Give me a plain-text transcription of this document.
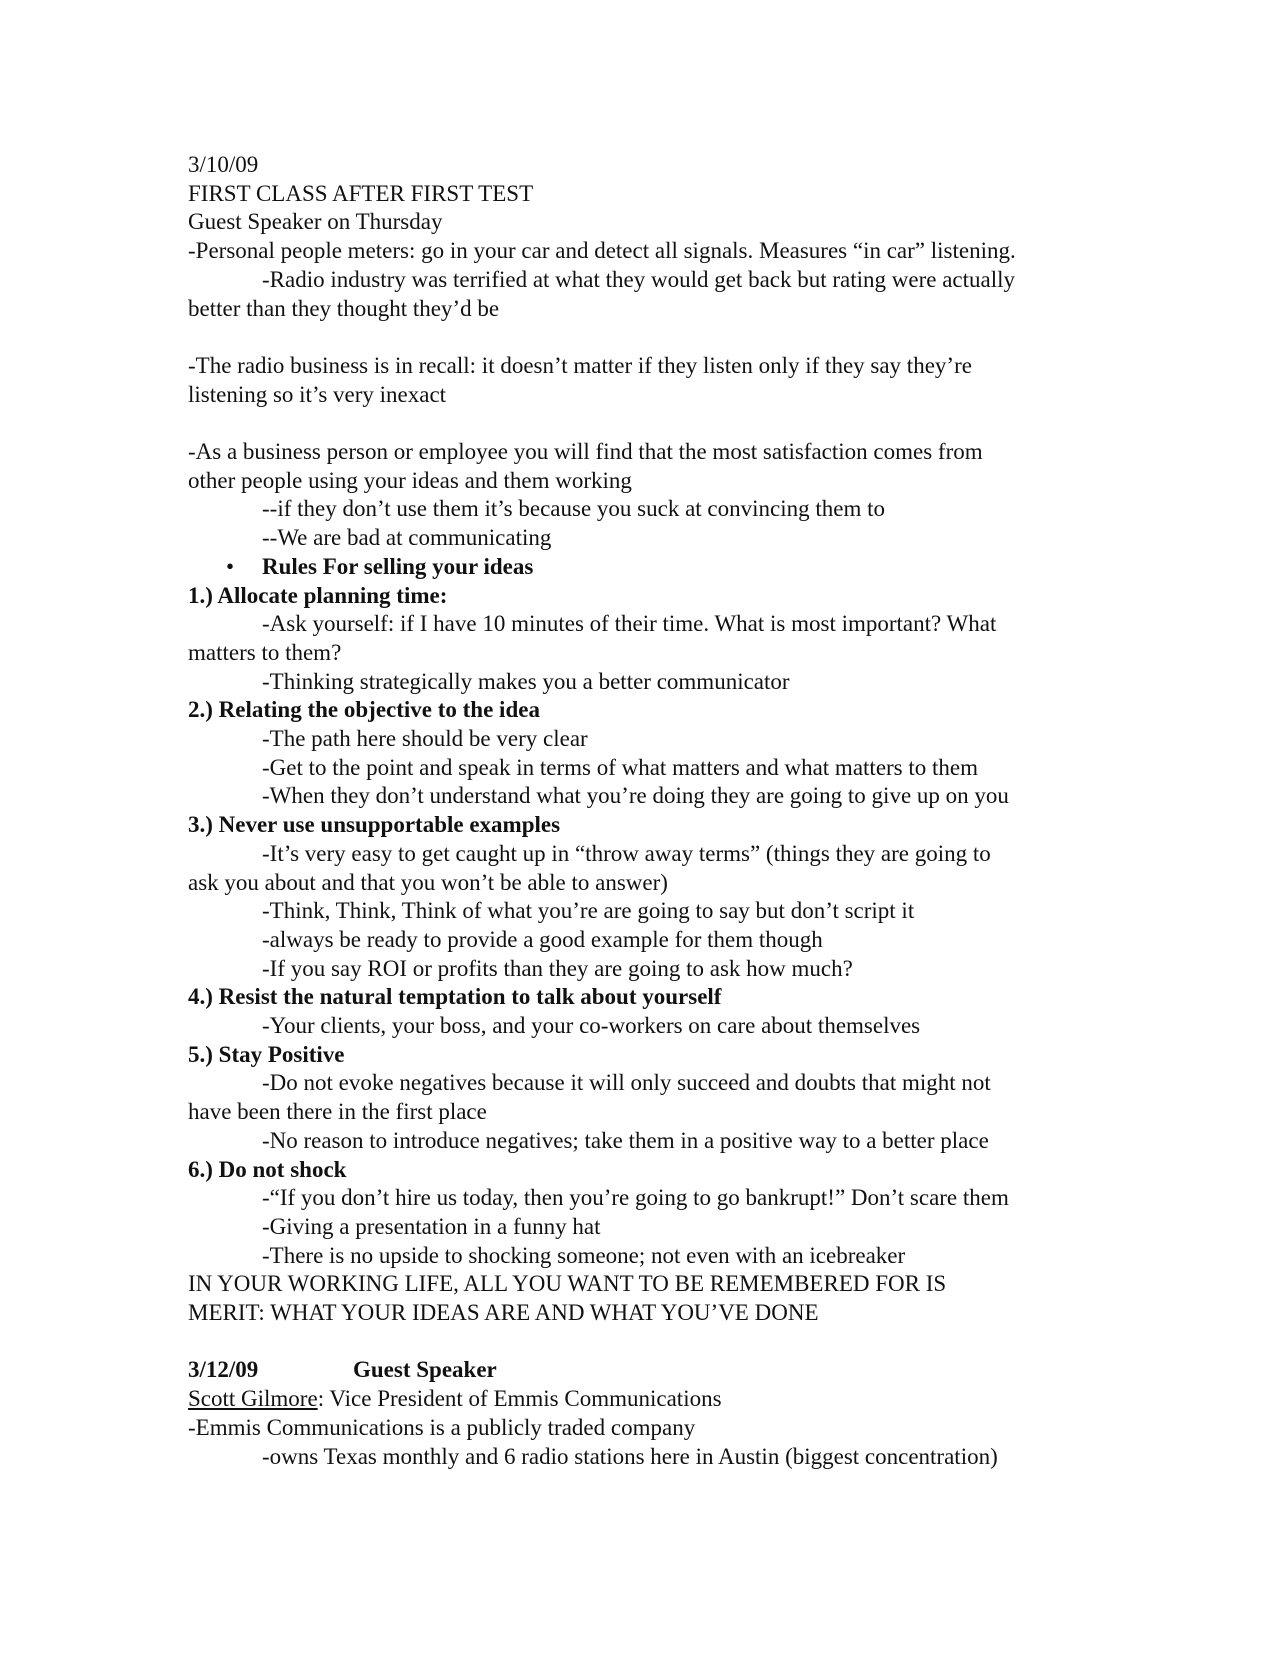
3/10/09

FIRST CLASS AFTER FIRST TEST

Guest Speaker on Thursday

-Personal people meters: go in your car and detect all signals. Measures “in car” listening.

-Radio industry was terrified at what they would get back but rating were actually

better than they thought they’d be

-The radio business is in recall: it doesn’t matter if they listen only if they say they’re

listening so it’s very inexact

-As a business person or employee you will find that the most satisfaction comes from

other people using your ideas and them working

--if they don’t use them it’s because you suck at convincing them to

--We are bad at communicating

• Rules For selling your ideas

1.) Allocate planning time:

-Ask yourself: if I have 10 minutes of their time. What is most important? What

matters to them?

-Thinking strategically makes you a better communicator

2.) Relating the objective to the idea

-The path here should be very clear

-Get to the point and speak in terms of what matters and what matters to them

-When they don’t understand what you’re doing they are going to give up on you

3.) Never use unsupportable examples

-It’s very easy to get caught up in “throw away terms” (things they are going to

ask you about and that you won’t be able to answer)

-Think, Think, Think of what you’re are going to say but don’t script it

-always be ready to provide a good example for them though

-If you say ROI or profits than they are going to ask how much?

4.) Resist the natural temptation to talk about yourself

-Your clients, your boss, and your co-workers on care about themselves

5.) Stay Positive

-Do not evoke negatives because it will only succeed and doubts that might not

have been there in the first place

-No reason to introduce negatives; take them in a positive way to a better place

6.) Do not shock

-“If you don’t hire us today, then you’re going to go bankrupt!” Don’t scare them

-Giving a presentation in a funny hat

-There is no upside to shocking someone; not even with an icebreaker

IN YOUR WORKING LIFE, ALL YOU WANT TO BE REMEMBERED FOR IS

MERIT: WHAT YOUR IDEAS ARE AND WHAT YOU’VE DONE

3/12/09	Guest Speaker

Scott Gilmore: Vice President of Emmis Communications

-Emmis Communications is a publicly traded company

-owns Texas monthly and 6 radio stations here in Austin (biggest concentration)
